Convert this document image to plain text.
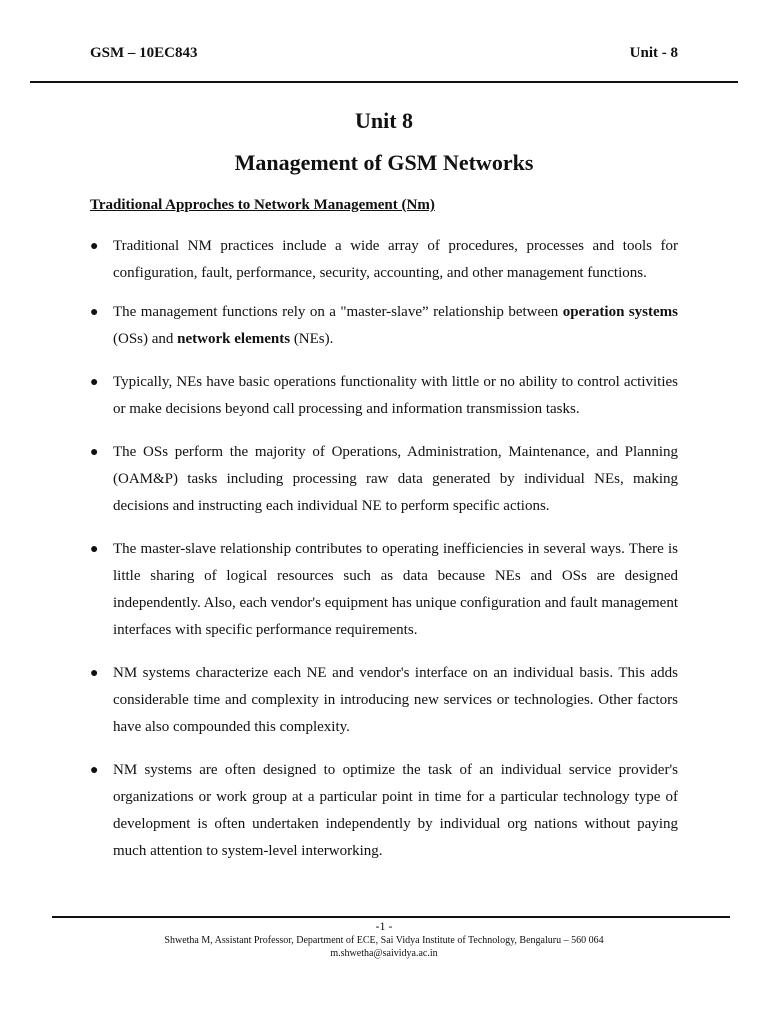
GSM – 10EC843	Unit - 8
Unit 8
Management of GSM Networks
Traditional Approches to Network Management (Nm)
● Traditional NM practices include a wide array of procedures, processes and tools for configuration, fault, performance, security, accounting, and other management functions.
● The management functions rely on a "master-slave” relationship between operation systems (OSs) and network elements (NEs).
● Typically, NEs have basic operations functionality with little or no ability to control activities or make decisions beyond call processing and information transmission tasks.
● The OSs perform the majority of Operations, Administration, Maintenance, and Planning (OAM&P) tasks including processing raw data generated by individual NEs, making decisions and instructing each individual NE to perform specific actions.
● The master-slave relationship contributes to operating inefficiencies in several ways. There is little sharing of logical resources such as data because NEs and OSs are designed independently. Also, each vendor's equipment has unique configuration and fault management interfaces with specific performance requirements.
● NM systems characterize each NE and vendor's interface on an individual basis. This adds considerable time and complexity in introducing new services or technologies. Other factors have also compounded this complexity.
● NM systems are often designed to optimize the task of an individual service provider's organizations or work group at a particular point in time for a particular technology type of development is often undertaken independently by individual org nations without paying much attention to system-level interworking.
-1 -
Shwetha M, Assistant Professor, Department of ECE, Sai Vidya Institute of Technology, Bengaluru – 560 064
m.shwetha@saividya.ac.in
